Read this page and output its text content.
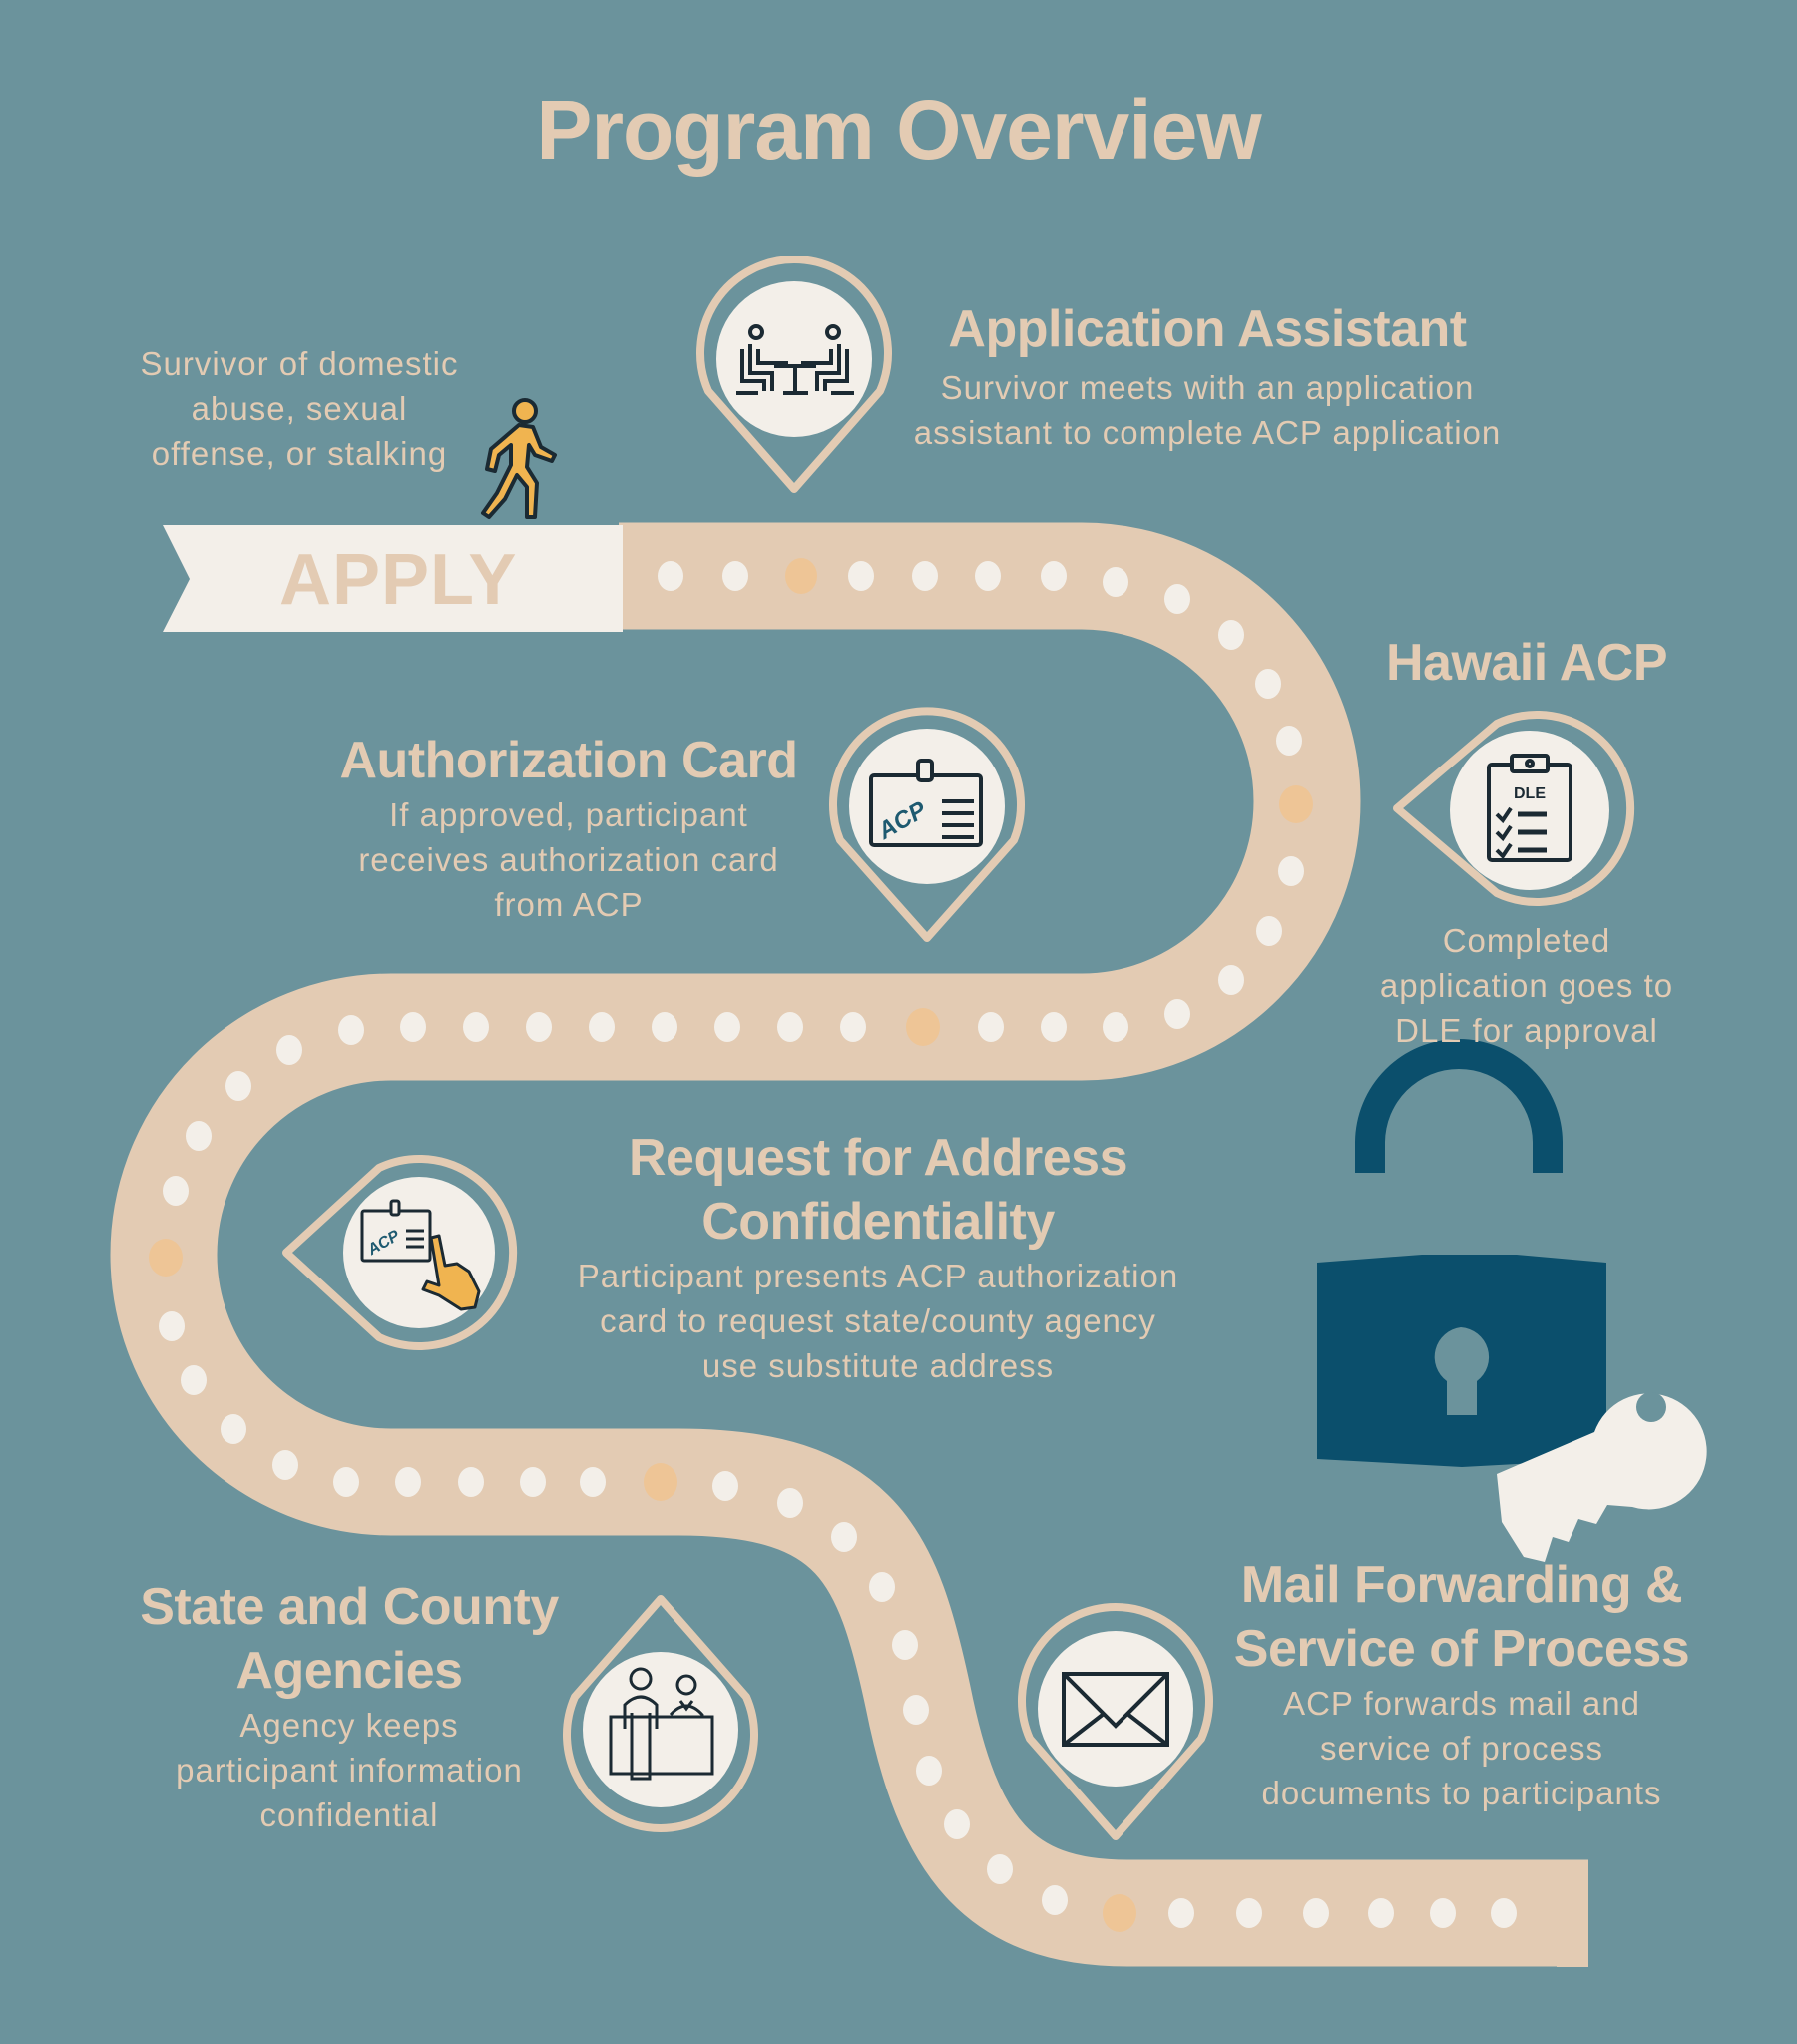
DLE
ACP
ACP
Program Overview
APPLY
Survivor of domestic
abuse, sexual
offense, or stalking
Application Assistant
Survivor meets with an application
assistant to complete ACP application
Hawaii ACP
Completed
application goes to
DLE for approval
Authorization Card
If approved, participant
receives authorization card
from ACP
Request for Address
Confidentiality
Participant presents ACP authorization
card to request state/county agency
use substitute address
State and County
Agencies
Agency keeps
participant information
confidential
Mail Forwarding &
Service of Process
ACP forwards mail and
service of process
documents to participants
